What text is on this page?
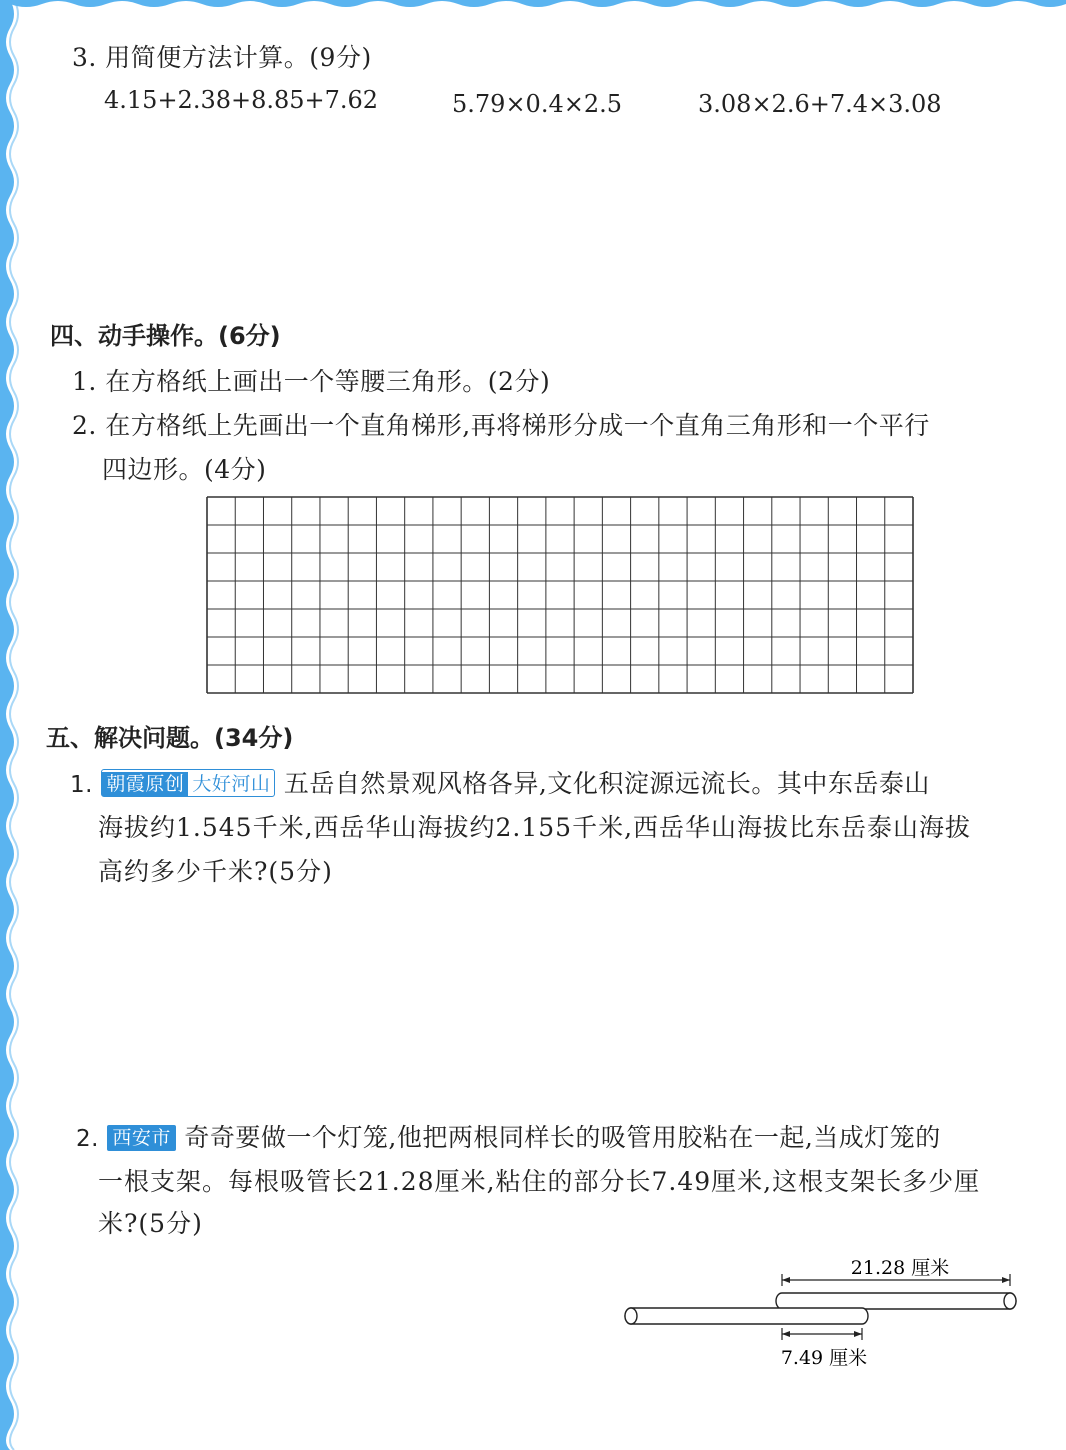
3. 用简便方法计算。(9分)
4.15+2.38+8.85+7.62	5.79×0.4×2.5	3.08×2.6+7.4×3.08
四、动手操作。(6分)
1. 在方格纸上画出一个等腰三角形。(2分)
2. 在方格纸上先画出一个直角梯形,再将梯形分成一个直角三角形和一个平行
四边形。(4分)
五、解决问题。(34分)
1. 朝霞原创 大好河山 五岳自然景观风格各异,文化积淀源远流长。其中东岳泰山
海拔约1.545千米,西岳华山海拔约2.155千米,西岳华山海拔比东岳泰山海拔
高约多少千米?(5分)
2. 西安市 奇奇要做一个灯笼,他把两根同样长的吸管用胶粘在一起,当成灯笼的
一根支架。每根吸管长21.28厘米,粘住的部分长7.49厘米,这根支架长多少厘
米?(5分)
21.28 厘米
7.49 厘米
